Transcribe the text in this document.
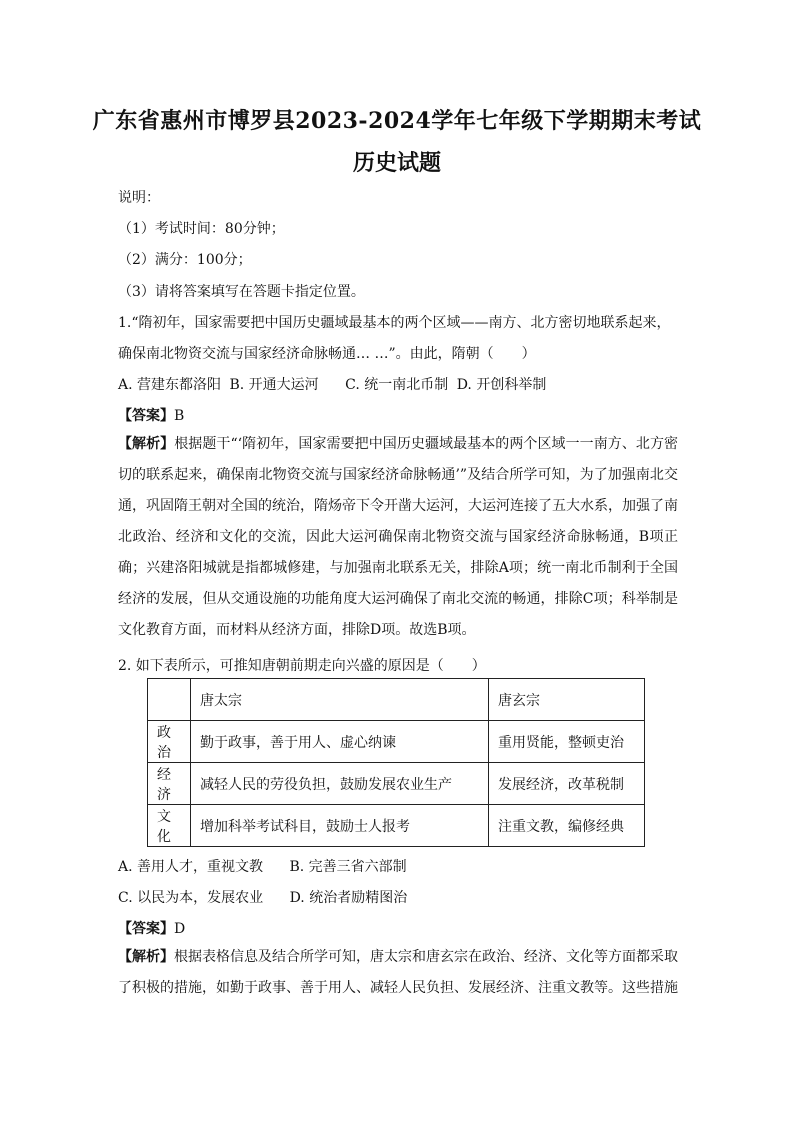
广东省惠州市博罗县2023-2024学年七年级下学期期末考试
历史试题
说明：
（1）考试时间：80分钟；
（2）满分：100分；
（3）请将答案填写在答题卡指定位置。
1.“隋初年，国家需要把中国历史疆域最基本的两个区域——南方、北方密切地联系起来，
确保南北物资交流与国家经济命脉畅通… …”。由此，隋朝（　　）
A. 营建东都洛阳 B. 开通大运河 C. 统一南北币制 D. 开创科举制
【答案】B
【解析】根据题干“‘隋初年，国家需要把中国历史疆域最基本的两个区域一一南方、北方密切的联系起来，确保南北物资交流与国家经济命脉畅通’”及结合所学可知，为了加强南北交通，巩固隋王朝对全国的统治，隋炀帝下令开凿大运河，大运河连接了五大水系，加强了南北政治、经济和文化的交流，因此大运河确保南北物资交流与国家经济命脉畅通，B项正确；兴建洛阳城就是指都城修建，与加强南北联系无关，排除A项；统一南北币制利于全国经济的发展，但从交通设施的功能角度大运河确保了南北交流的畅通，排除C项；科举制是文化教育方面，而材料从经济方面，排除D项。故选B项。
2. 如下表所示，可推知唐朝前期走向兴盛的原因是（　　）
	唐太宗	唐玄宗
政治	勤于政事，善于用人、虚心纳谏	重用贤能，整顿吏治
经济	减轻人民的劳役负担，鼓励发展农业生产	发展经济，改革税制
文化	增加科举考试科目，鼓励士人报考	注重文教，编修经典
A. 善用人才，重视文教 B. 完善三省六部制
C. 以民为本，发展农业 D. 统治者励精图治
【答案】D
【解析】根据表格信息及结合所学可知，唐太宗和唐玄宗在政治、经济、文化等方面都采取了积极的措施，如勤于政事、善于用人、减轻人民负担、发展经济、注重文教等。这些措施
